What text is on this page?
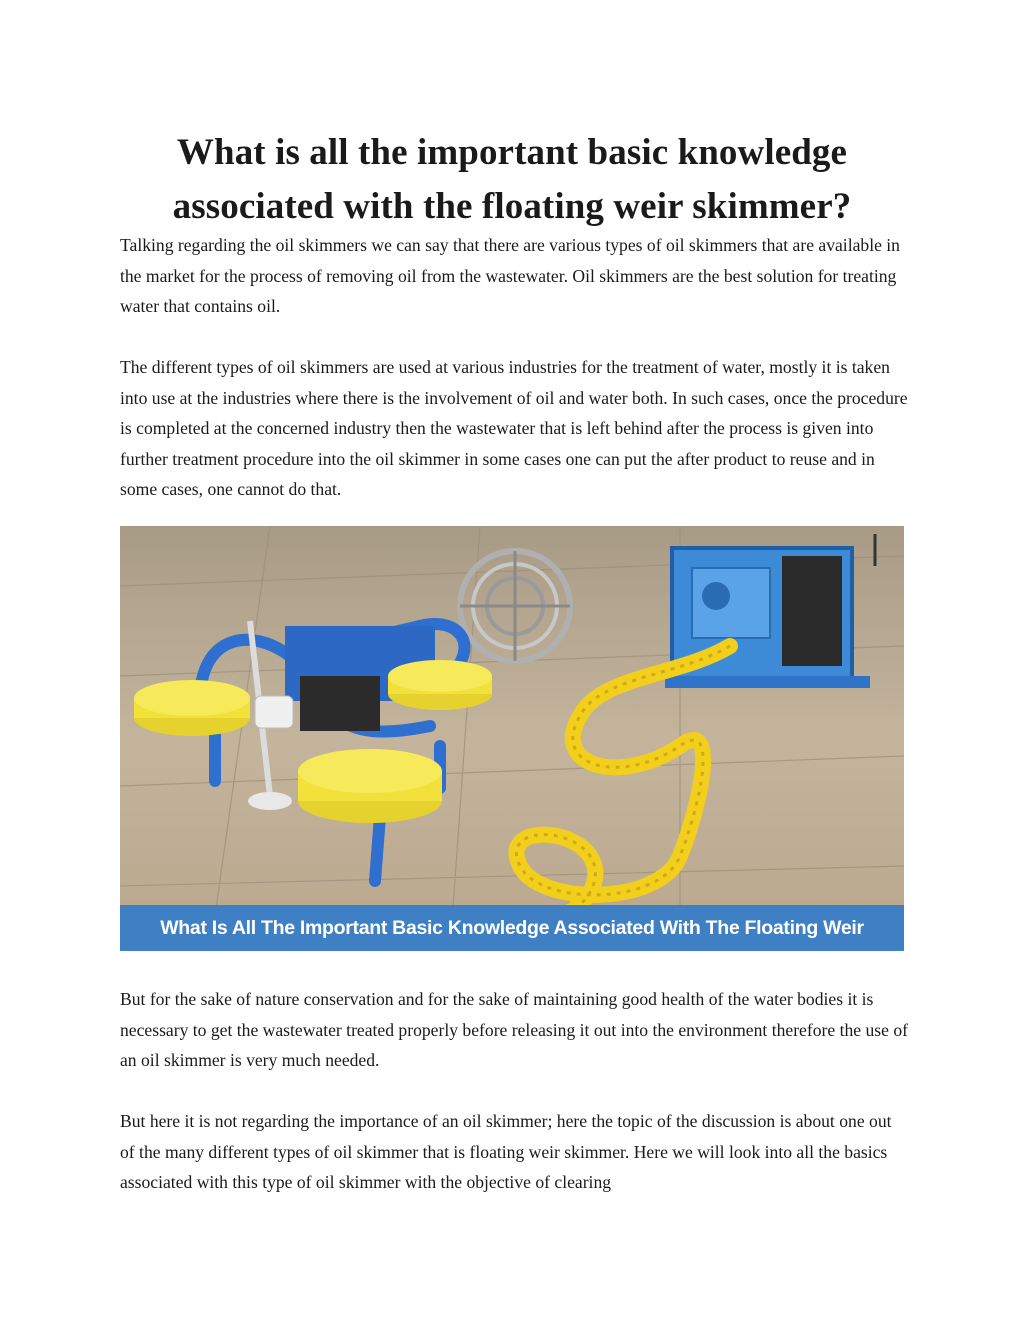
What is all the important basic knowledge
associated with the floating weir skimmer?

Talking regarding the oil skimmers we can say that there are various types of oil skimmers that are available in the market for the process of removing oil from the wastewater. Oil skimmers are the best solution for treating water that contains oil.

The different types of oil skimmers are used at various industries for the treatment of water, mostly it is taken into use at the industries where there is the involvement of oil and water both. In such cases, once the procedure is completed at the concerned industry then the wastewater that is left behind after the process is given into further treatment procedure into the oil skimmer in some cases one can put the after product to reuse and in some cases, one cannot do that.

What Is All The Important Basic Knowledge Associated With The Floating Weir Skimmer?

But for the sake of nature conservation and for the sake of maintaining good health of the water bodies it is necessary to get the wastewater treated properly before releasing it out into the environment therefore the use of an oil skimmer is very much needed.

But here it is not regarding the importance of an oil skimmer; here the topic of the discussion is about one out of the many different types of oil skimmer that is floating weir skimmer. Here we will look into all the basics associated with this type of oil skimmer with the objective of clearing
